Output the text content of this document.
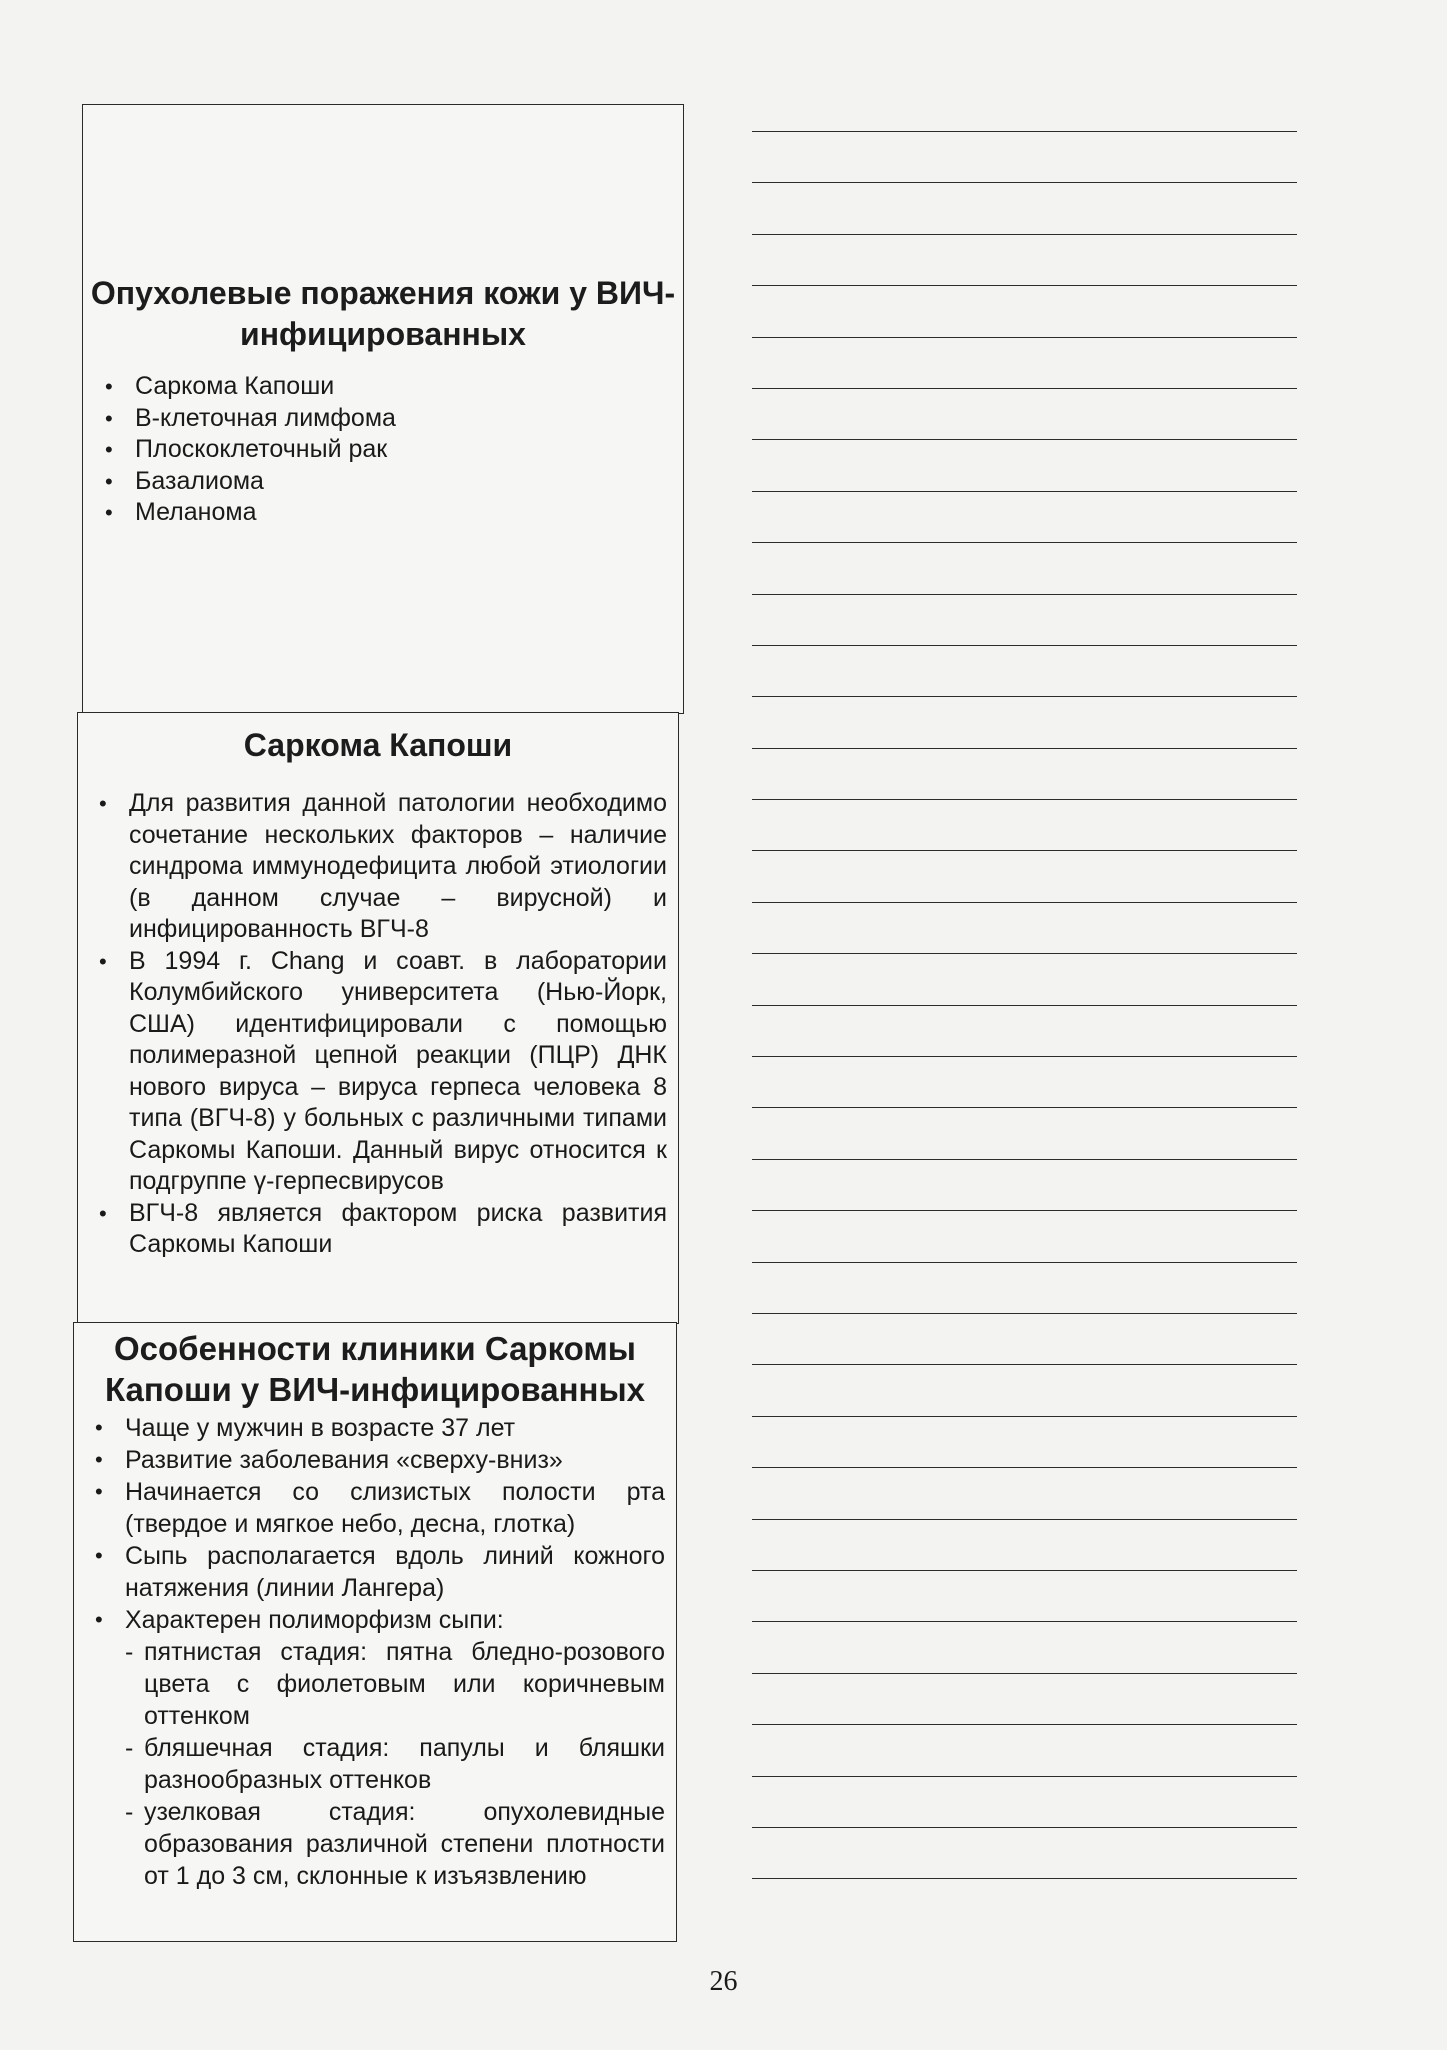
Опухолевые поражения кожи у ВИЧ-инфицированных
• Саркома Капоши
• В-клеточная лимфома
• Плоскоклеточный рак
• Базалиома
• Меланома
Саркома Капоши
• Для развития данной патологии необходимо сочетание нескольких факторов – наличие синдрома иммунодефицита любой этиологии (в данном случае – вирусной) и инфицированность ВГЧ-8
• В 1994 г. Chang и соавт. в лаборатории Колумбийского университета (Нью-Йорк, США) идентифицировали с помощью полимеразной цепной реакции (ПЦР) ДНК нового вируса – вируса герпеса человека 8 типа (ВГЧ-8) у больных с различными типами Саркомы Капоши. Данный вирус относится к подгруппе γ-герпесвирусов
• ВГЧ-8 является фактором риска развития Саркомы Капоши
Особенности клиники Саркомы Капоши у ВИЧ-инфицированных
• Чаще у мужчин в возрасте 37 лет
• Развитие заболевания «сверху-вниз»
• Начинается со слизистых полости рта (твердое и мягкое небо, десна, глотка)
• Сыпь располагается вдоль линий кожного натяжения (линии Лангера)
• Характерен полиморфизм сыпи:
- пятнистая стадия: пятна бледно-розового цвета с фиолетовым или коричневым оттенком
- бляшечная стадия: папулы и бляшки разнообразных оттенков
- узелковая стадия: опухолевидные образования различной степени плотности от 1 до 3 см, склонные к изъязвлению
26
